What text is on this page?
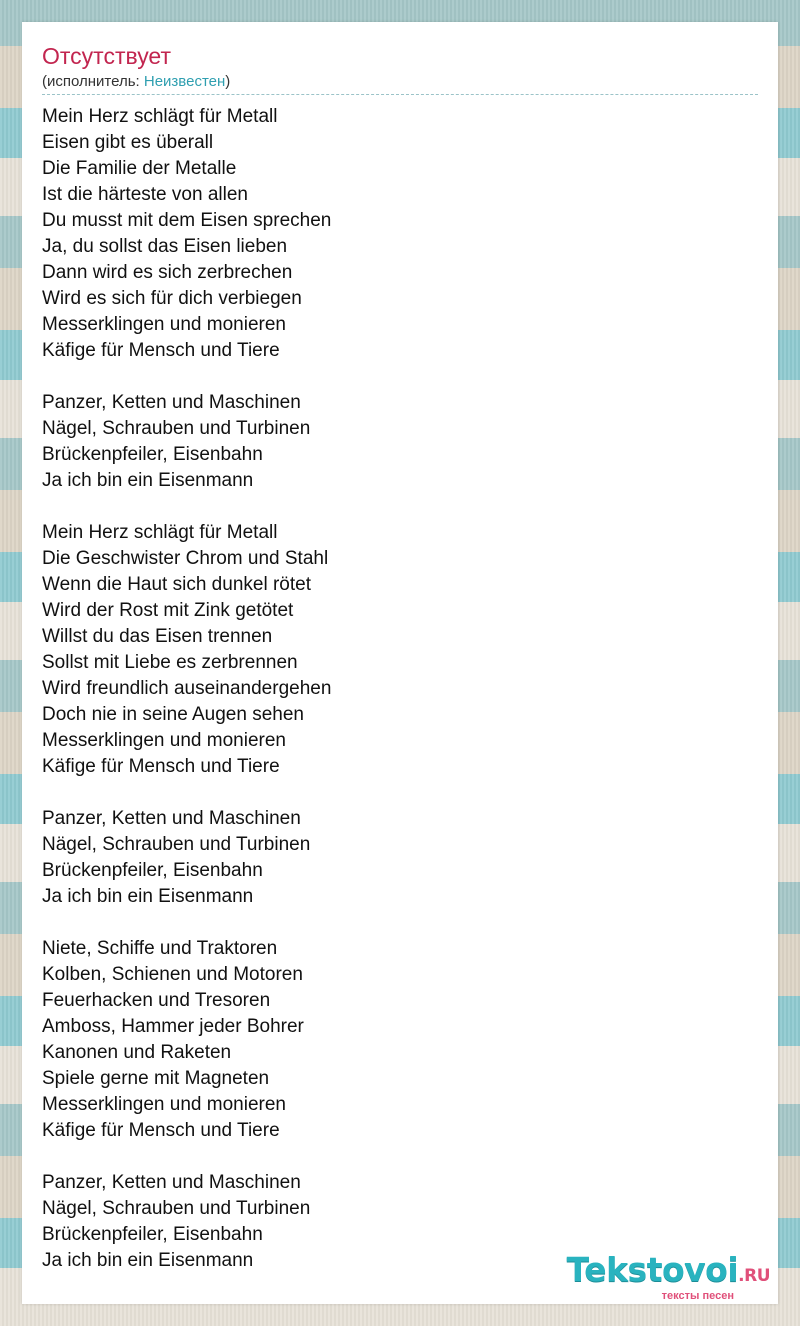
Отсутствует
(исполнитель: Неизвестен)
Mein Herz schlägt für Metall
Eisen gibt es überall
Die Familie der Metalle
Ist die härteste von allen
Du musst mit dem Eisen sprechen
Ja, du sollst das Eisen lieben
Dann wird es sich zerbrechen
Wird es sich für dich verbiegen
Messerklingen und monieren
Käfige für Mensch und Tiere
Panzer, Ketten und Maschinen
Nägel, Schrauben und Turbinen
Brückenpfeiler, Eisenbahn
Ja ich bin ein Eisenmann
Mein Herz schlägt für Metall
Die Geschwister Chrom und Stahl
Wenn die Haut sich dunkel rötet
Wird der Rost mit Zink getötet
Willst du das Eisen trennen
Sollst mit Liebe es zerbrennen
Wird freundlich auseinandergehen
Doch nie in seine Augen sehen
Messerklingen und monieren
Käfige für Mensch und Tiere
Panzer, Ketten und Maschinen
Nägel, Schrauben und Turbinen
Brückenpfeiler, Eisenbahn
Ja ich bin ein Eisenmann
Niete, Schiffe und Traktoren
Kolben, Schienen und Motoren
Feuerhacken und Tresoren
Amboss, Hammer jeder Bohrer
Kanonen und Raketen
Spiele gerne mit Magneten
Messerklingen und monieren
Käfige für Mensch und Tiere
Panzer, Ketten und Maschinen
Nägel, Schrauben und Turbinen
Brückenpfeiler, Eisenbahn
Ja ich bin ein Eisenmann	Tekstovoi.RU
тексты песен
